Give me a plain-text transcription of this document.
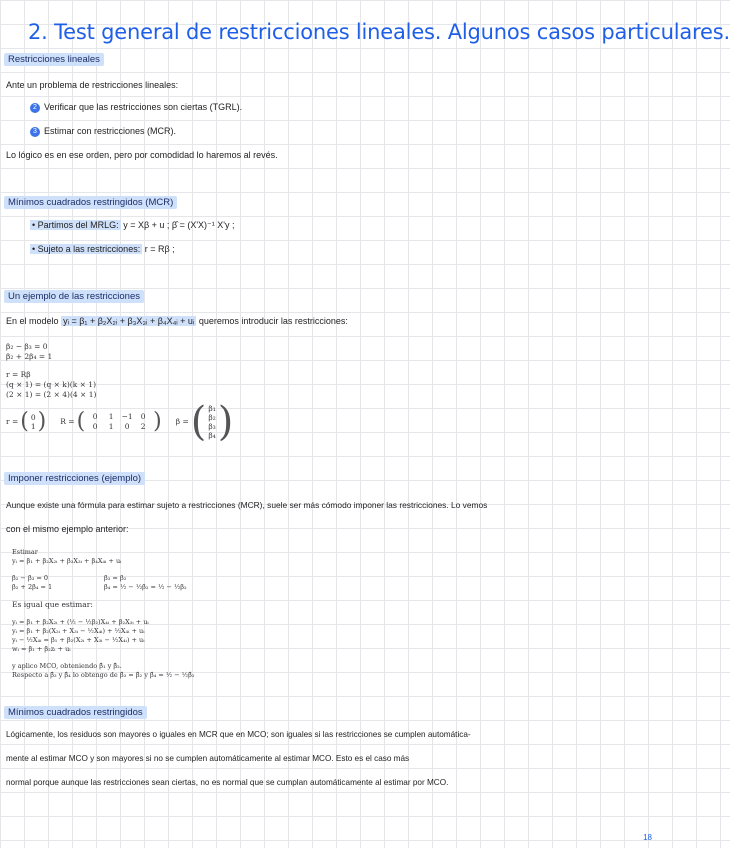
2. Test general de restricciones lineales. Algunos casos particulares.
Restricciones lineales
Ante un problema de restricciones lineales:
2 Verificar que las restricciones son ciertas (TGRL).
3 Estimar con restricciones (MCR).
Lo lógico es en ese orden, pero por comodidad lo haremos al revés.
Mínimos cuadrados restringidos (MCR)
• Partimos del MRLG: y = Xβ + u ; β̂ = (X'X)⁻¹ X'y ;
• Sujeto a las restricciones: r = Rβ ;
Un ejemplo de las restricciones
En el modelo yᵢ = β₁ + β₂X₂ᵢ + β₃X₃ᵢ + β₄X₄ᵢ + uᵢ queremos introducir las restricciones:
β₂ − β₃ = 0
β₂ + 2β₄ = 1
r = Rβ
(q × 1) = (q × k)(k × 1)
(2 × 1) = (2 × 4)(4 × 1)
r = ( 0
1 ) R = (	0	1	−1	0
0	1	0	2 ) β = ( β₁
β₂
β₃
β₄ )
Imponer restricciones (ejemplo)
Aunque existe una fórmula para estimar sujeto a restricciones (MCR), suele ser más cómodo imponer las restricciones. Lo vemos
con el mismo ejemplo anterior:
Estimar
yᵢ = β₁ + β₂X₂ᵢ + β₃X₃ᵢ + β₄X₄ᵢ + uᵢ
β₂ − β₃ = 0
β₂ + 2β₄ = 1
β₃ = β₂
β₄ = ½ − ½β₂ = ½ − ½β₂
Es igual que estimar:
yᵢ = β₁ + β₂X₂ᵢ + (½ − ½β₂)X₄ᵢ + β₂X₃ᵢ + uᵢ
yᵢ = β₁ + β₂(X₂ᵢ + X₃ᵢ − ½X₄ᵢ) + ½X₄ᵢ + uᵢ
yᵢ − ½X₄ᵢ = β₁ + β₂(X₂ᵢ + X₃ᵢ − ½X₄ᵢ) + uᵢ
wᵢ = β₁ + β₂zᵢ + uᵢ
y aplico MCO, obteniendo β̂₁ y β̂₂.
Respecto a β̂₃ y β̂₄ lo obtengo de β̂₃ = β̂₂ y β̂₄ = ½ − ½β̂₂
Mínimos cuadrados restringidos
Lógicamente, los residuos son mayores o iguales en MCR que en MCO; son iguales si las restricciones se cumplen automática-
mente al estimar MCO y son mayores si no se cumplen automáticamente al estimar MCO. Esto es el caso más
normal porque aunque las restricciones sean ciertas, no es normal que se cumplan automáticamente al estimar por MCO.
18
